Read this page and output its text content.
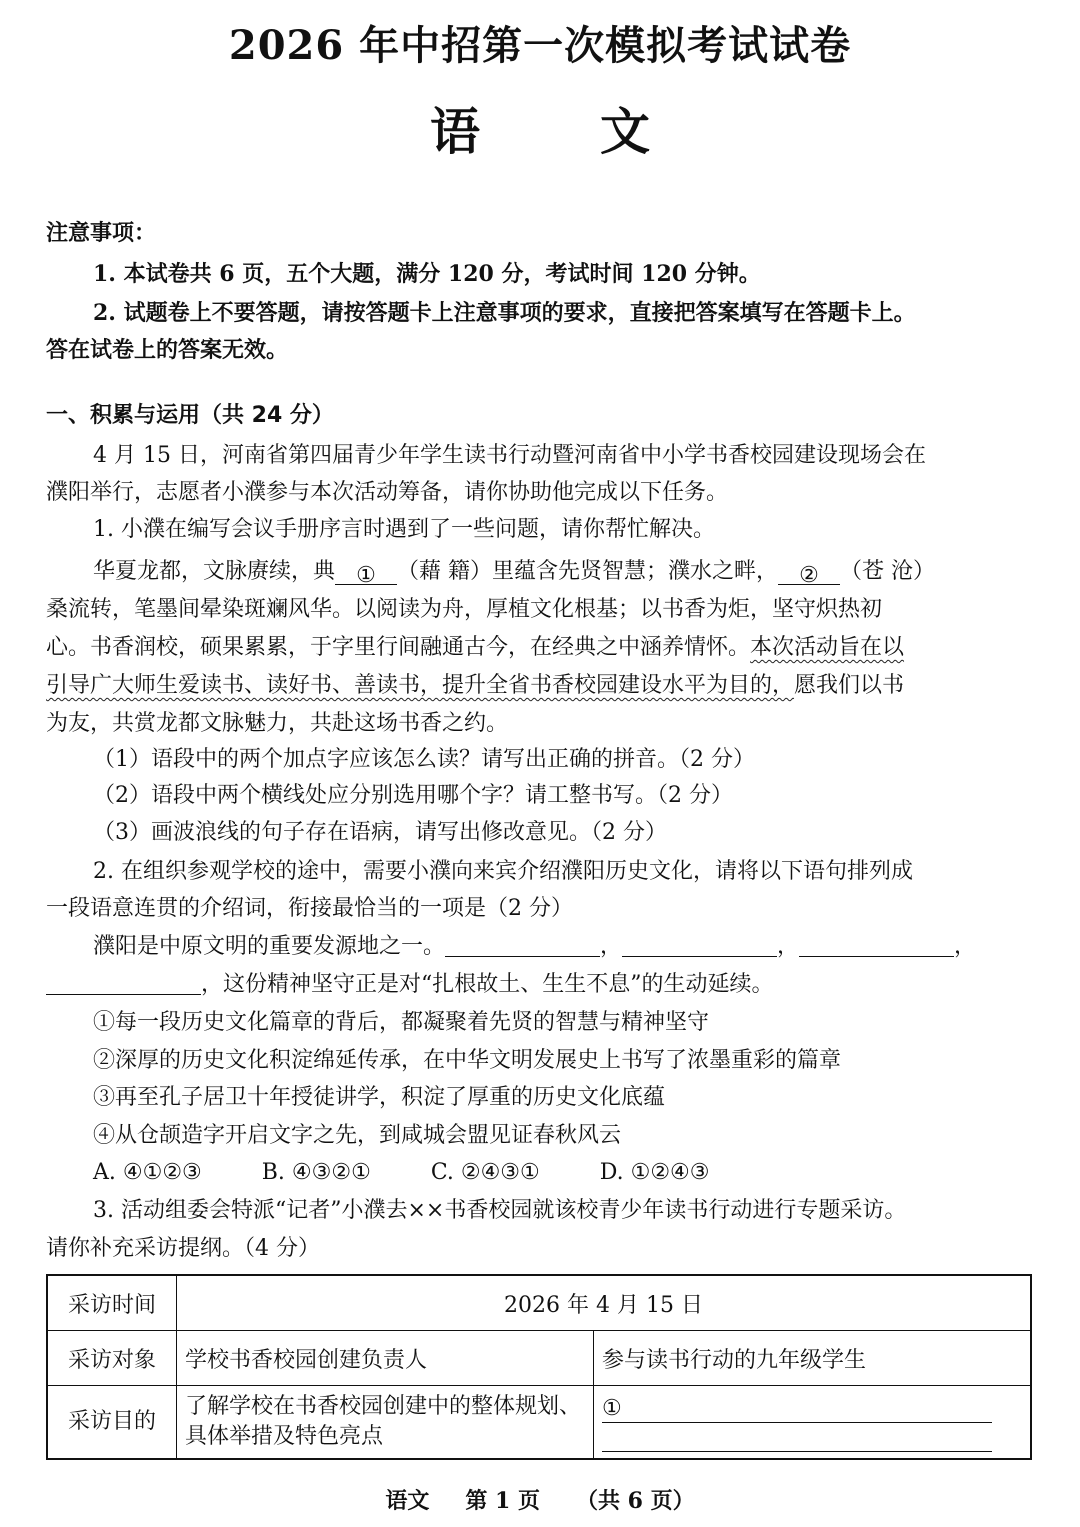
2026 年中招第一次模拟考试试卷
语 文
注意事项：
1. 本试卷共 6 页，五个大题，满分 120 分，考试时间 120 分钟。
2. 试题卷上不要答题，请按答题卡上注意事项的要求，直接把答案填写在答题卡上。
答在试卷上的答案无效。
一、积累与运用（共 24 分）
4 月 15 日，河南省第四届青少年学生读书行动暨河南省中小学书香校园建设现场会在
濮阳举行，志愿者小濮参与本次活动筹备，请你协助他完成以下任务。
1. 小濮在编写会议手册序言时遇到了一些问题，请你帮忙解决。
华夏龙都，文脉赓续，典 ① （藉 籍）里蕴含先贤智慧；濮水之畔， ② （苍 沧）
桑流转，笔墨间晕染斑斓风华。以阅读为舟，厚植文化根基；以书香为炬，坚守炽热初
心。书香润校，硕果累累，于字里行间融通古今，在经典之中涵养情怀。本次活动旨在以
引导广大师生爱读书、读好书、善读书，提升全省书香校园建设水平为目的，愿我们以书
为友，共赏龙都文脉魅力，共赴这场书香之约。
（1）语段中的两个加点字应该怎么读？请写出正确的拼音。（2 分）
（2）语段中两个横线处应分别选用哪个字？请工整书写。（2 分）
（3）画波浪线的句子存在语病，请写出修改意见。（2 分）
2. 在组织参观学校的途中，需要小濮向来宾介绍濮阳历史文化，请将以下语句排列成
一段语意连贯的介绍词，衔接最恰当的一项是（2 分）
濮阳是中原文明的重要发源地之一。	，	，	，
，这份精神坚守正是对“扎根故土、生生不息”的生动延续。
①每一段历史文化篇章的背后，都凝聚着先贤的智慧与精神坚守
②深厚的历史文化积淀绵延传承，在中华文明发展史上书写了浓墨重彩的篇章
③再至孔子居卫十年授徒讲学，积淀了厚重的历史文化底蕴
④从仓颉造字开启文字之先，到咸城会盟见证春秋风云
A. ④①②③	B. ④③②①	C. ②④③①	D. ①②④③
3. 活动组委会特派“记者”小濮去××书香校园就该校青少年读书行动进行专题采访。
请你补充采访提纲。（4 分）
采访时间	2026 年 4 月 15 日	
采访对象	学校书香校园创建负责人	参与读书行动的九年级学生
采访目的	了解学校在书香校园创建中的整体规划、具体举措及特色亮点	①
语文 第 1 页 （共 6 页）
